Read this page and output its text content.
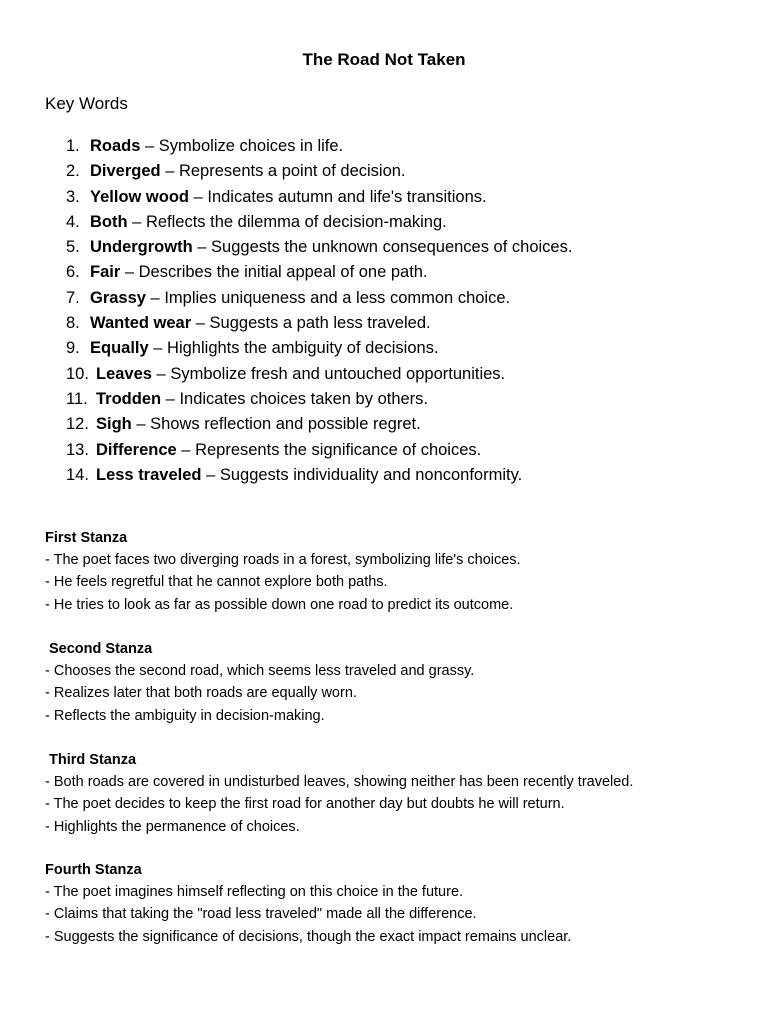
The Road Not Taken
Key Words
1. Roads – Symbolize choices in life.
2. Diverged – Represents a point of decision.
3. Yellow wood – Indicates autumn and life's transitions.
4. Both – Reflects the dilemma of decision-making.
5. Undergrowth – Suggests the unknown consequences of choices.
6. Fair – Describes the initial appeal of one path.
7. Grassy – Implies uniqueness and a less common choice.
8. Wanted wear – Suggests a path less traveled.
9. Equally – Highlights the ambiguity of decisions.
10. Leaves – Symbolize fresh and untouched opportunities.
11. Trodden – Indicates choices taken by others.
12. Sigh – Shows reflection and possible regret.
13. Difference – Represents the significance of choices.
14. Less traveled – Suggests individuality and nonconformity.
First Stanza
- The poet faces two diverging roads in a forest, symbolizing life's choices.
- He feels regretful that he cannot explore both paths.
- He tries to look as far as possible down one road to predict its outcome.
Second Stanza
- Chooses the second road, which seems less traveled and grassy.
- Realizes later that both roads are equally worn.
- Reflects the ambiguity in decision-making.
Third Stanza
- Both roads are covered in undisturbed leaves, showing neither has been recently traveled.
- The poet decides to keep the first road for another day but doubts he will return.
- Highlights the permanence of choices.
Fourth Stanza
- The poet imagines himself reflecting on this choice in the future.
- Claims that taking the "road less traveled" made all the difference.
- Suggests the significance of decisions, though the exact impact remains unclear.
